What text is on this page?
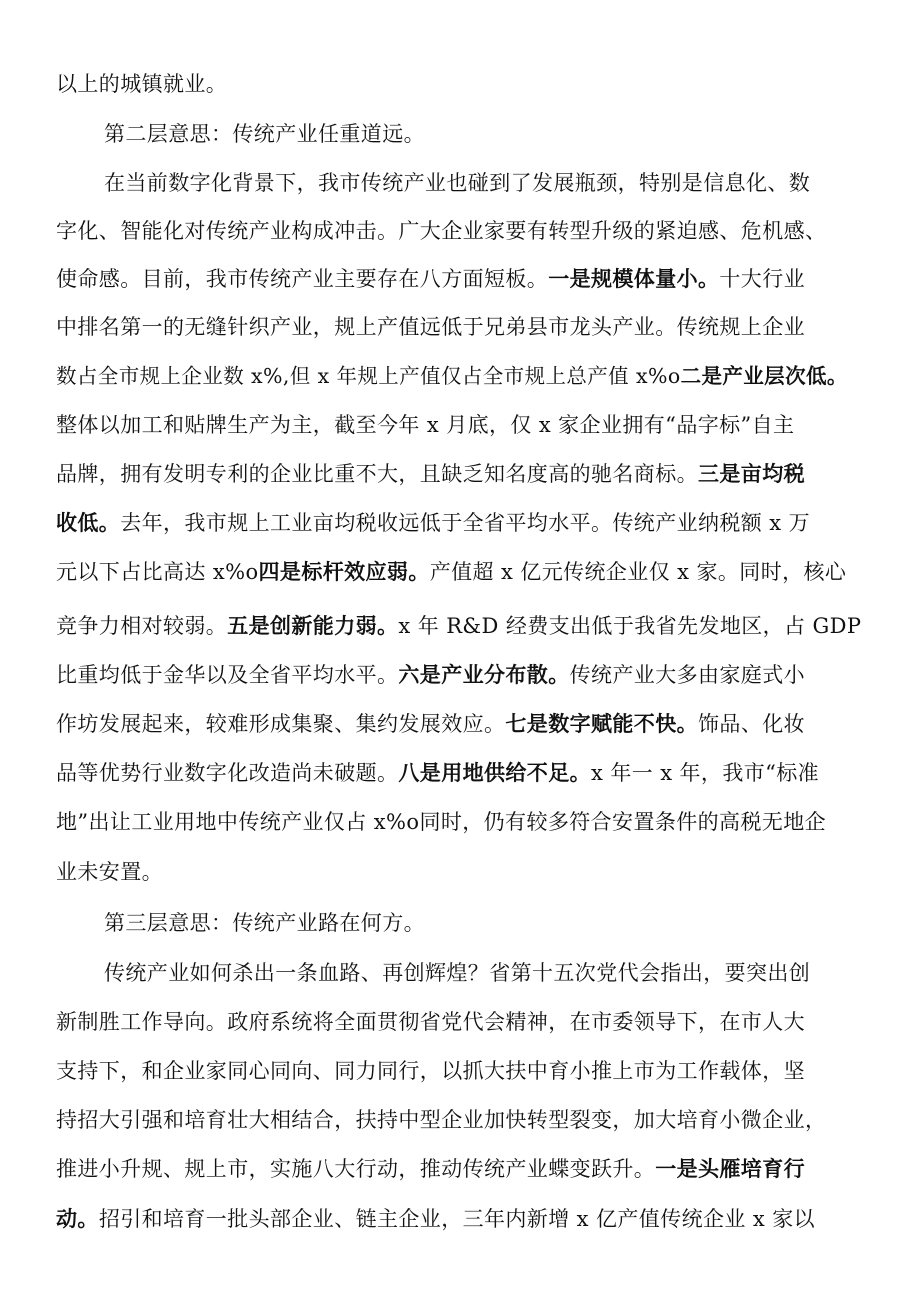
以上的城镇就业。
第二层意思：传统产业任重道远。
在当前数字化背景下，我市传统产业也碰到了发展瓶颈，特别是信息化、数
字化、智能化对传统产业构成冲击。广大企业家要有转型升级的紧迫感、危机感、
使命感。目前，我市传统产业主要存在八方面短板。一是规模体量小。十大行业
中排名第一的无缝针织产业，规上产值远低于兄弟县市龙头产业。传统规上企业
数占全市规上企业数 x%,但 x 年规上产值仅占全市规上总产值 x%o二是产业层次低。
整体以加工和贴牌生产为主，截至今年 x 月底，仅 x 家企业拥有“品字标”自主
品牌，拥有发明专利的企业比重不大，且缺乏知名度高的驰名商标。三是亩均税
收低。去年，我市规上工业亩均税收远低于全省平均水平。传统产业纳税额 x 万
元以下占比高达 x%o四是标杆效应弱。产值超 x 亿元传统企业仅 x 家。同时，核心
竞争力相对较弱。五是创新能力弱。x 年 R&D 经费支出低于我省先发地区，占 GDP
比重均低于金华以及全省平均水平。六是产业分布散。传统产业大多由家庭式小
作坊发展起来，较难形成集聚、集约发展效应。七是数字赋能不快。饰品、化妆
品等优势行业数字化改造尚未破题。八是用地供给不足。x 年一 x 年，我市“标准
地”出让工业用地中传统产业仅占 x%o同时，仍有较多符合安置条件的高税无地企
业未安置。
第三层意思：传统产业路在何方。
传统产业如何杀出一条血路、再创辉煌？省第十五次党代会指出，要突出创
新制胜工作导向。政府系统将全面贯彻省党代会精神，在市委领导下，在市人大
支持下，和企业家同心同向、同力同行，以抓大扶中育小推上市为工作载体，坚
持招大引强和培育壮大相结合，扶持中型企业加快转型裂变，加大培育小微企业，
推进小升规、规上市，实施八大行动，推动传统产业蝶变跃升。一是头雁培育行
动。招引和培育一批头部企业、链主企业，三年内新增 x 亿产值传统企业 x 家以
